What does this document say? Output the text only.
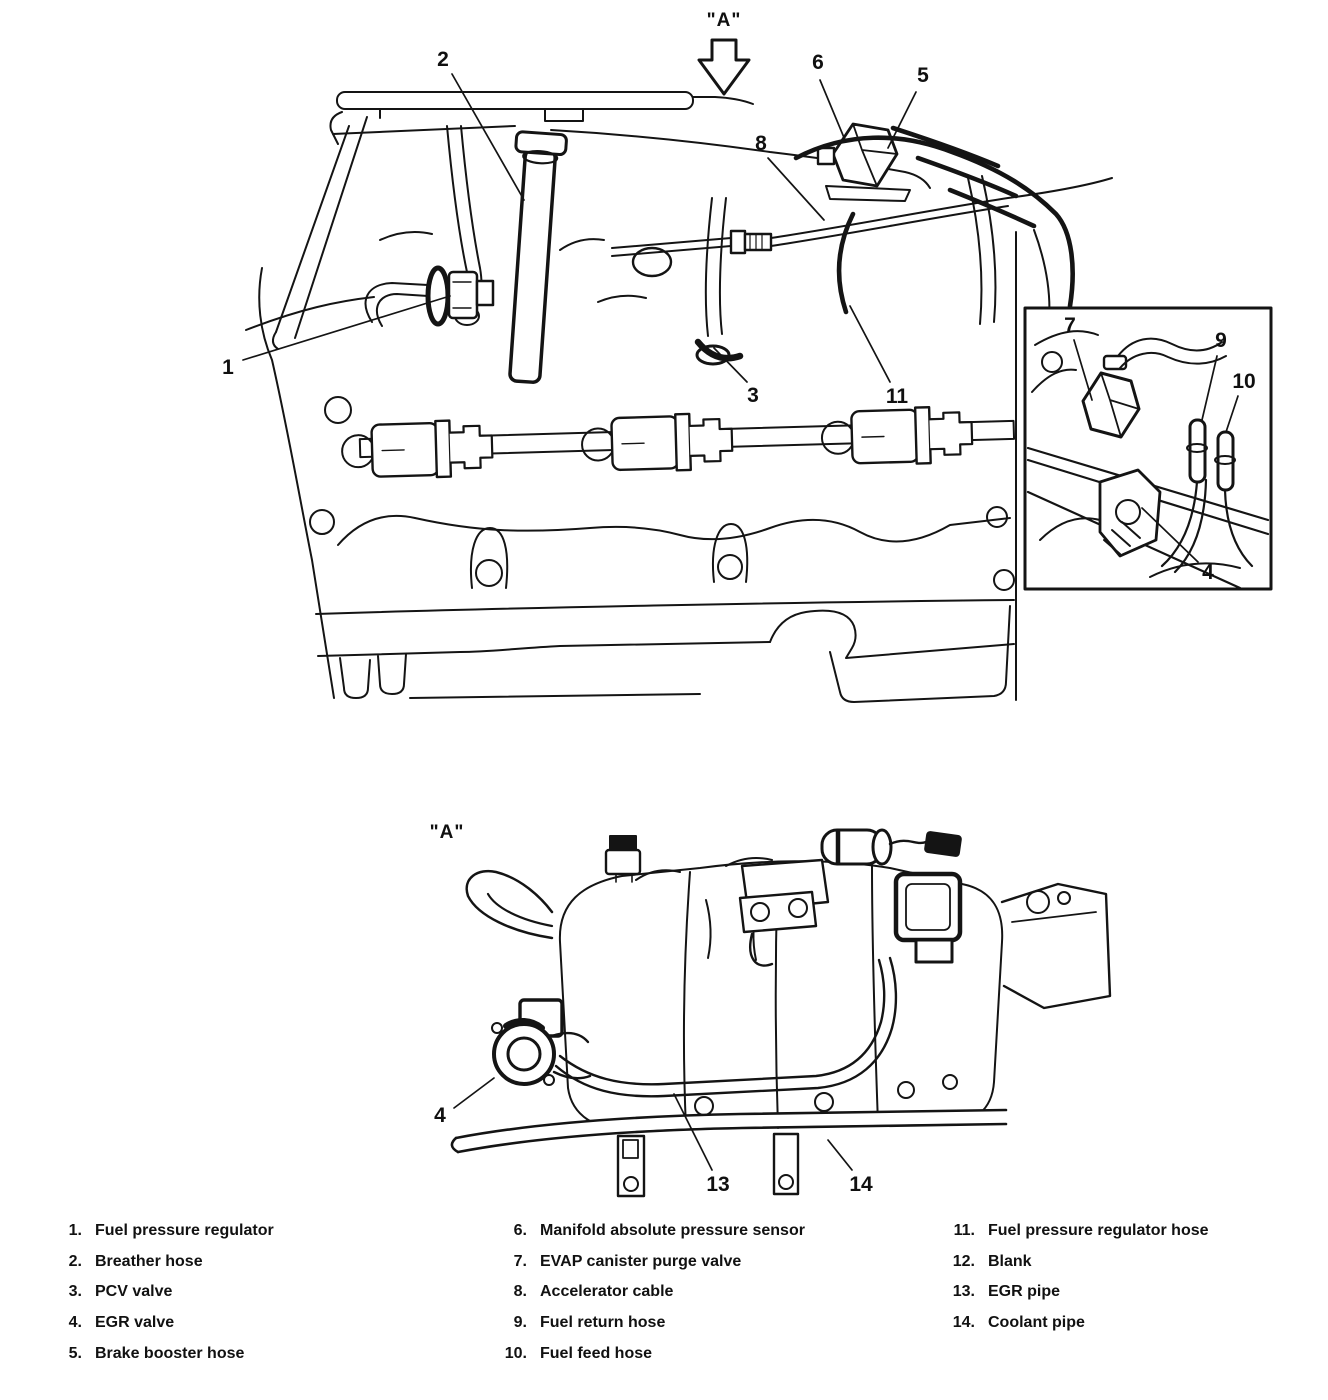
"A"
"A"
2	6
5
8
1
3	11
7
9
10
4
4
13	14
1. Fuel pressure regulator
2. Breather hose
3. PCV valve
4. EGR valve
5. Brake booster hose
6. Manifold absolute pressure sensor
7. EVAP canister purge valve
8. Accelerator cable
9. Fuel return hose
10. Fuel feed hose
11. Fuel pressure regulator hose
12. Blank
13. EGR pipe
14. Coolant pipe
